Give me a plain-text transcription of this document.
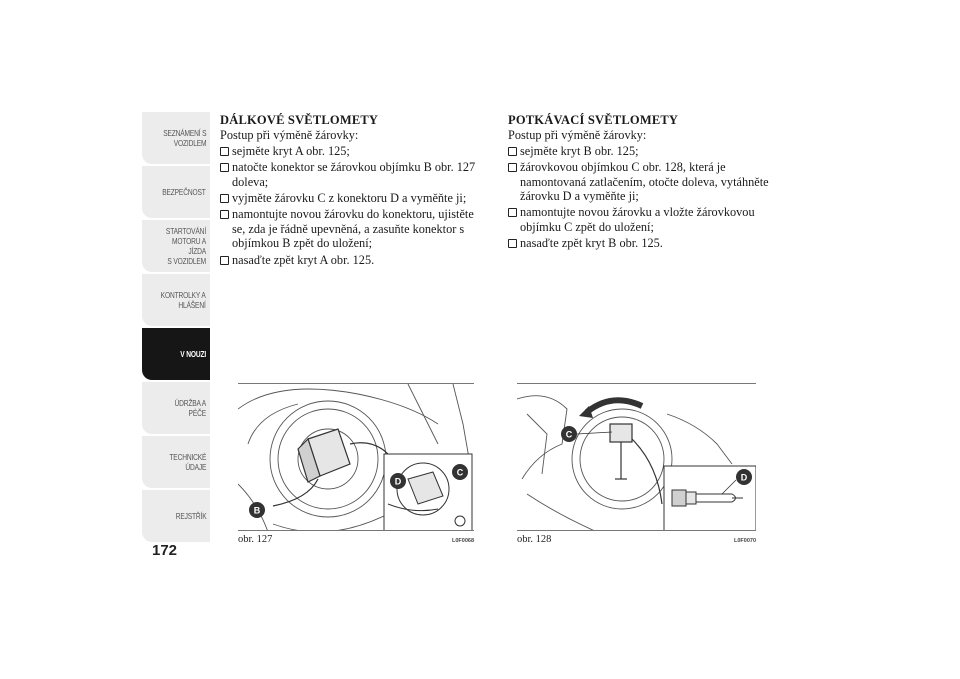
SEZNÁMENÍ S
VOZIDLEM
BEZPEČNOST
STARTOVÁNÍ
MOTORU A JÍZDA
S VOZIDLEM
KONTROLKY A
HLÁŠENÍ
V NOUZI
ÚDRŽBA A PÉČE
TECHNICKÉ
ÚDAJE
REJSTŘÍK
172
DÁLKOVÉ SVĚTLOMETY

Postup při výměně žárovky:

sejměte kryt A obr. 125;
natočte konektor se žárovkou objímku B obr. 127 doleva;
vyjměte žárovku C z konektoru D a vyměňte ji;
namontujte novou žárovku do konektoru, ujistěte se, zda je řádně upevněná, a zasuňte konektor s objímkou B zpět do uložení;
nasaďte zpět kryt A obr. 125.
POTKÁVACÍ SVĚTLOMETY

Postup při výměně žárovky:

sejměte kryt B obr. 125;
žárovkovou objímkou C obr. 128, která je namontovaná zatlačením, otočte doleva, vytáhněte žárovku D a vyměňte ji;
namontujte novou žárovku a vložte žárovkovou objímku C zpět do uložení;
nasaďte zpět kryt B obr. 125.
B
D
C
obr. 127	L0F0068
C
D
obr. 128	L0F0070
